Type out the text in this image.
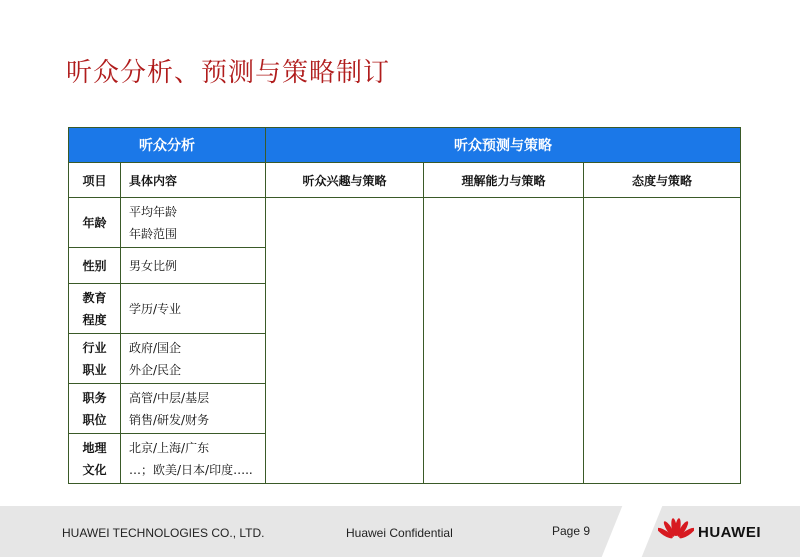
听众分析、预测与策略制订
听众分析		听众预测与策略		
项目	具体内容	听众兴趣与策略	理解能力与策略	态度与策略

年龄	平均年龄
年龄范围			

性别	男女比例			

教育
程度	学历/专业			

行业
职业	政府/国企
外企/民企			

职务
职位	高管/中层/基层
销售/研发/财务			

地理
文化	北京/上海/广东
…；欧美/日本/印度…..			
HUAWEI TECHNOLOGIES CO., LTD.	Huawei Confidential	Page 9	HUAWEI
